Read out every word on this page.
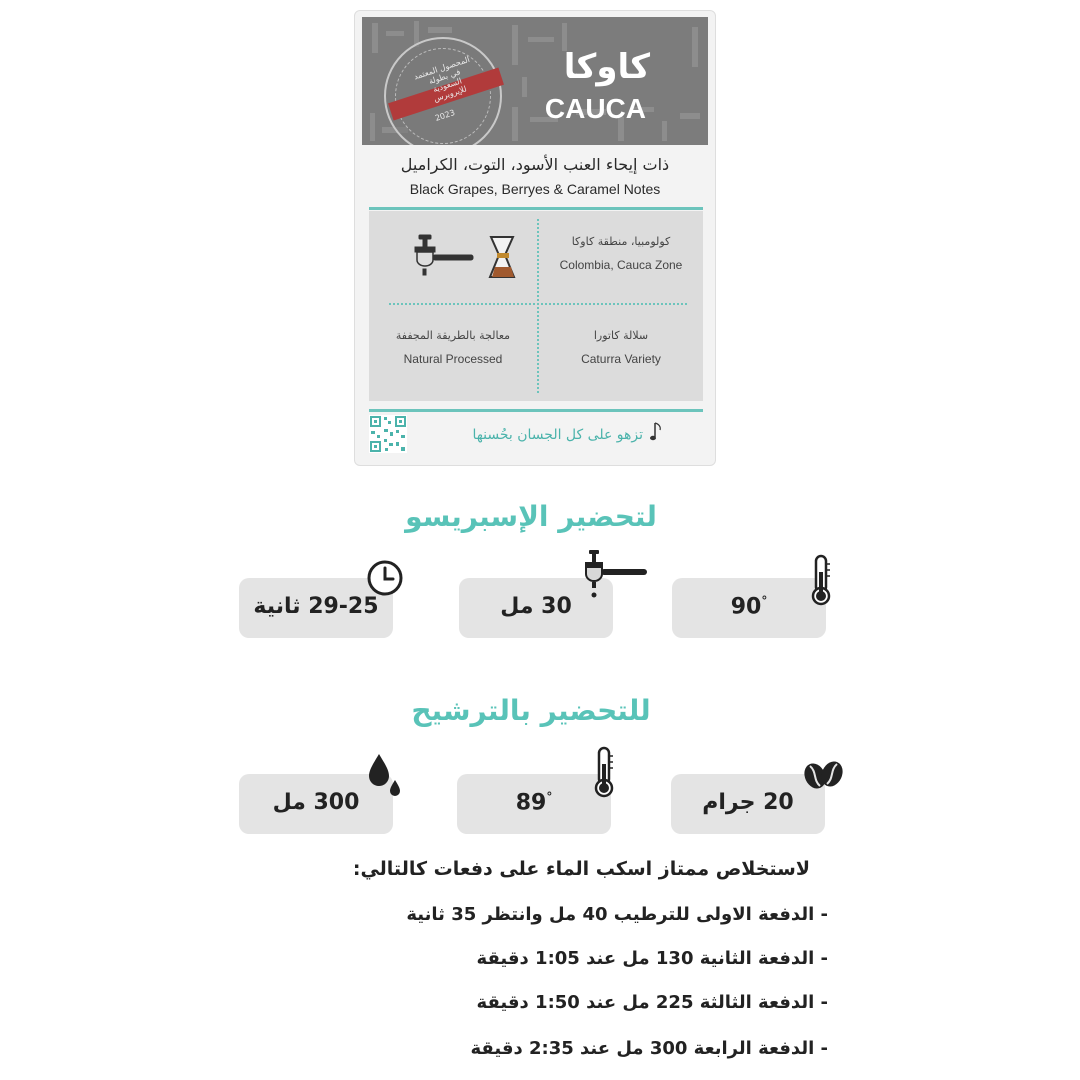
المحصول المعتمد في بطولة السعودية للإيروبرس
2023
كاوكا
CAUCA
ذات إيحاء العنب الأسود، التوت، الكراميل
Black Grapes, Berryes & Caramel Notes
كولومبيا، منطقة كاوكا
Colombia, Cauca Zone
سلالة كاتورا
Caturra Variety
معالجة بالطريقة المجففة
Natural Processed
تزهو على كل الجسان بحُسنها
لتحضير الإسبريسو
29-25 ثانية	30 مل	90°
للتحضير بالترشيح
300 مل	89°	20 جرام
لاستخلاص ممتاز اسكب الماء على دفعات كالتالي:
- الدفعة الاولى للترطيب 40 مل وانتظر 35 ثانية
- الدفعة الثانية 130 مل عند 1:05 دقيقة
- الدفعة الثالثة 225 مل عند 1:50 دقيقة
- الدفعة الرابعة 300 مل عند 2:35 دقيقة
